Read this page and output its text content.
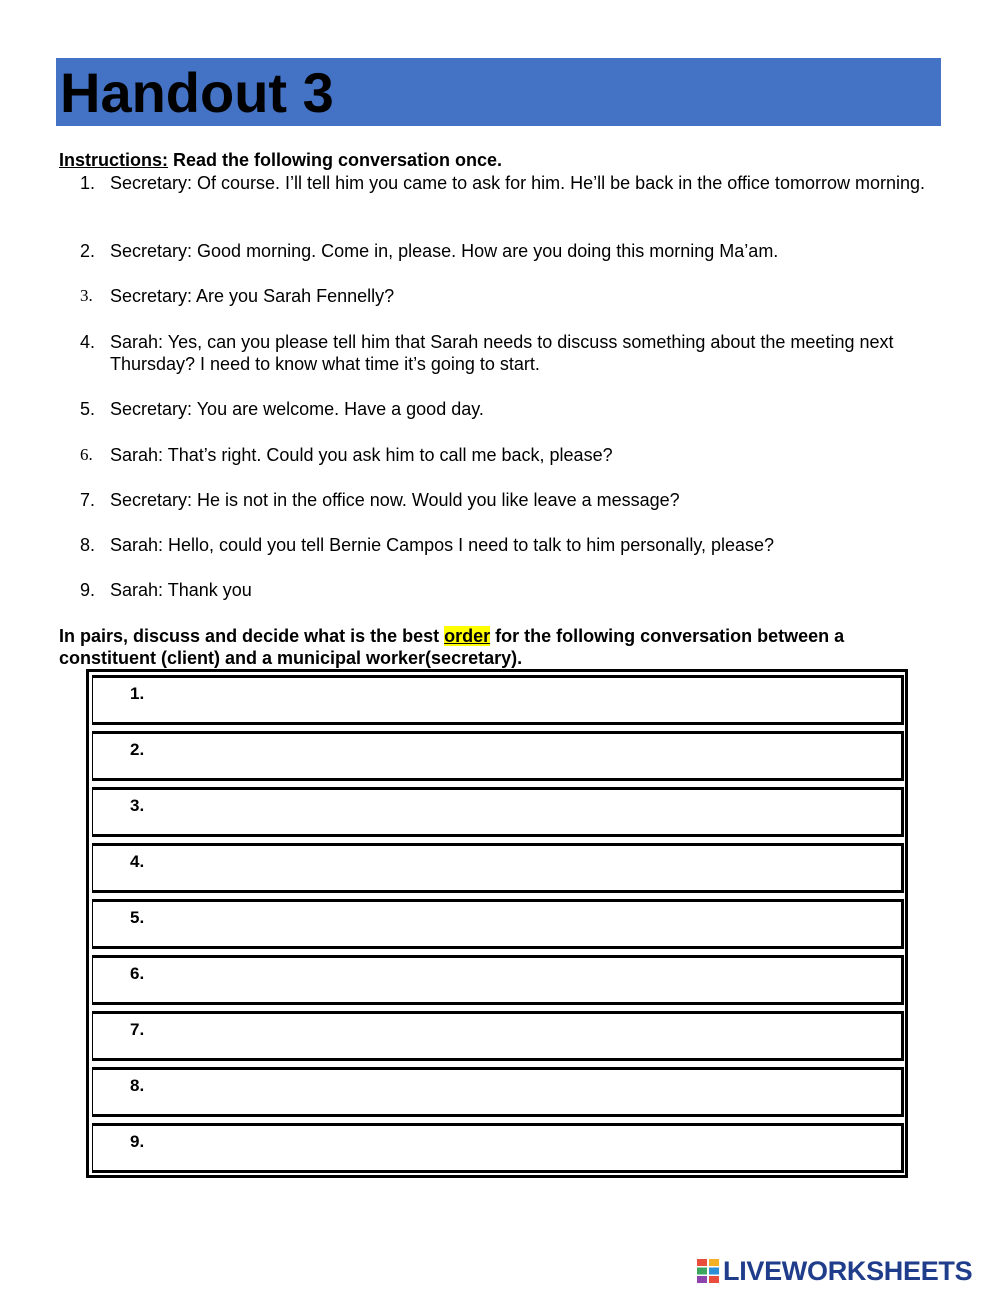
Handout 3
Instructions: Read the following conversation once.
1. Secretary: Of course. I’ll tell him you came to ask for him. He’ll be back in the office tomorrow morning.
2. Secretary: Good morning. Come in, please. How are you doing this morning Ma’am.
3. Secretary: Are you Sarah Fennelly?
4. Sarah: Yes, can you please tell him that Sarah needs to discuss something about the meeting next Thursday? I need to know what time it’s going to start.
5. Secretary: You are welcome. Have a good day.
6. Sarah: That’s right. Could you ask him to call me back, please?
7. Secretary: He is not in the office now. Would you like leave a message?
8. Sarah: Hello, could you tell Bernie Campos I need to talk to him personally, please?
9. Sarah: Thank you
In pairs, discuss and decide what is the best order for the following conversation between a constituent (client) and a municipal worker(secretary).
1.
2.
3.
4.
5.
6.
7.
8.
9.
LIVEWORKSHEETS
